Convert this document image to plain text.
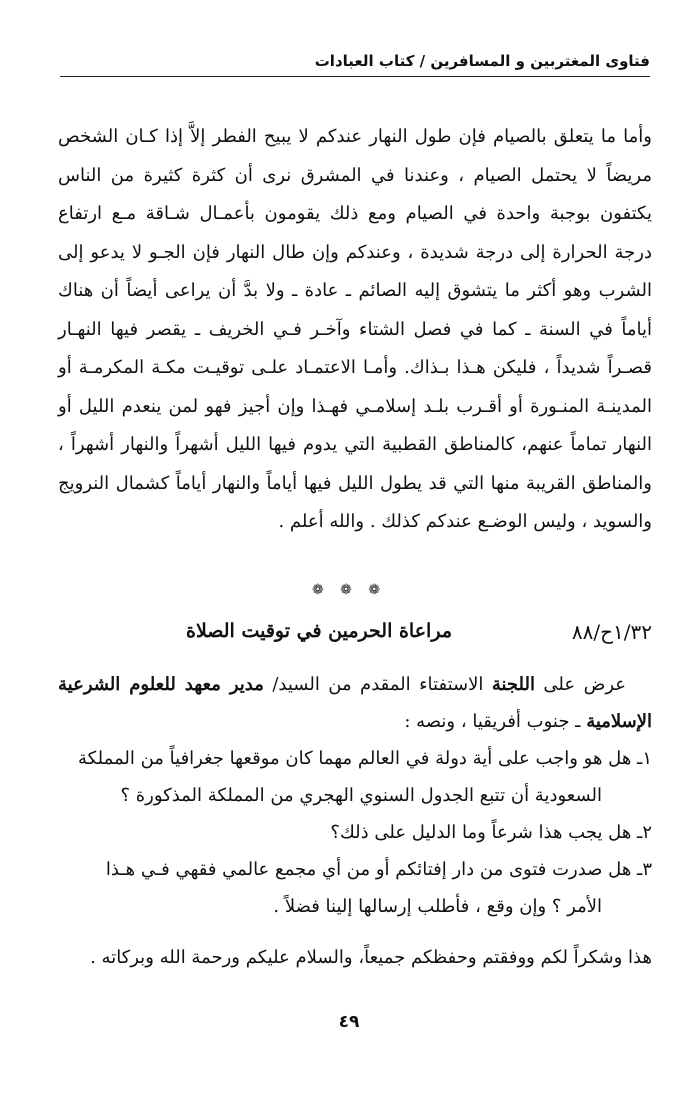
فتاوى المغتربين و المسافرين / كتاب العبادات

وأما ما يتعلق بالصيام فإن طول النهار عندكم لا يبيح الفطر إلاَّ إذا كـان الشخص مريضاً لا يحتمل الصيام ، وعندنا في المشرق نرى أن كثرة كثيرة من الناس يكتفون بوجبة واحدة في الصيام ومع ذلك يقومون بأعمـال شـاقة مـع ارتفاع درجة الحرارة إلى درجة شديدة ، وعندكم وإن طال النهار فإن الجـو لا يدعو إلى الشرب وهو أكثر ما يتشوق إليه الصائم ـ عادة ـ ولا بدَّ أن يراعى أيضاً أن هناك أياماً في السنة ـ كما في فصل الشتاء وآخـر فـي الخريف ـ يقصر فيها النهـار قصـراً شديداً ، فليكن هـذا بـذاك. وأمـا الاعتمـاد علـى توقيـت مكـة المكرمـة أو المدينـة المنـورة أو أقـرب بلـد إسلامـي فهـذا وإن أجيز فهو لمن ينعدم الليل أو النهار تماماً عنهم، كالمناطق القطبية التي يدوم فيها الليل أشهراً والنهار أشهراً ، والمناطق القريبة منها التي قد يطول الليل فيها أياماً والنهار أياماً كشمال النرويج والسويد ، وليس الوضـع عندكم كذلك . والله أعلم .

❁ ❁ ❁
١/٣٢ح/٨٨
مراعاة الحرمين في توقيت الصلاة

عرض على اللجنة الاستفتاء المقدم من السيد/ مدير معهد للعلوم الشرعية الإسلامية ـ جنوب أفريقيا ، ونصه :

١ـ هل هو واجب على أية دولة في العالم مهما كان موقعها جغرافياً من المملكة

السعودية أن تتبع الجدول السنوي الهجري من المملكة المذكورة ؟

٢ـ هل يجب هذا شرعاً وما الدليل على ذلك؟

٣ـ هل صدرت فتوى من دار إفتائكم أو من أي مجمع عالمي فقهي فـي هـذا

الأمر ؟ وإن وقع ، فأطلب إرسالها إلينا فضلاً .

هذا وشكراً لكم ووفقتم وحفظكم جميعاً، والسلام عليكم ورحمة الله وبركاته .
٤٩
